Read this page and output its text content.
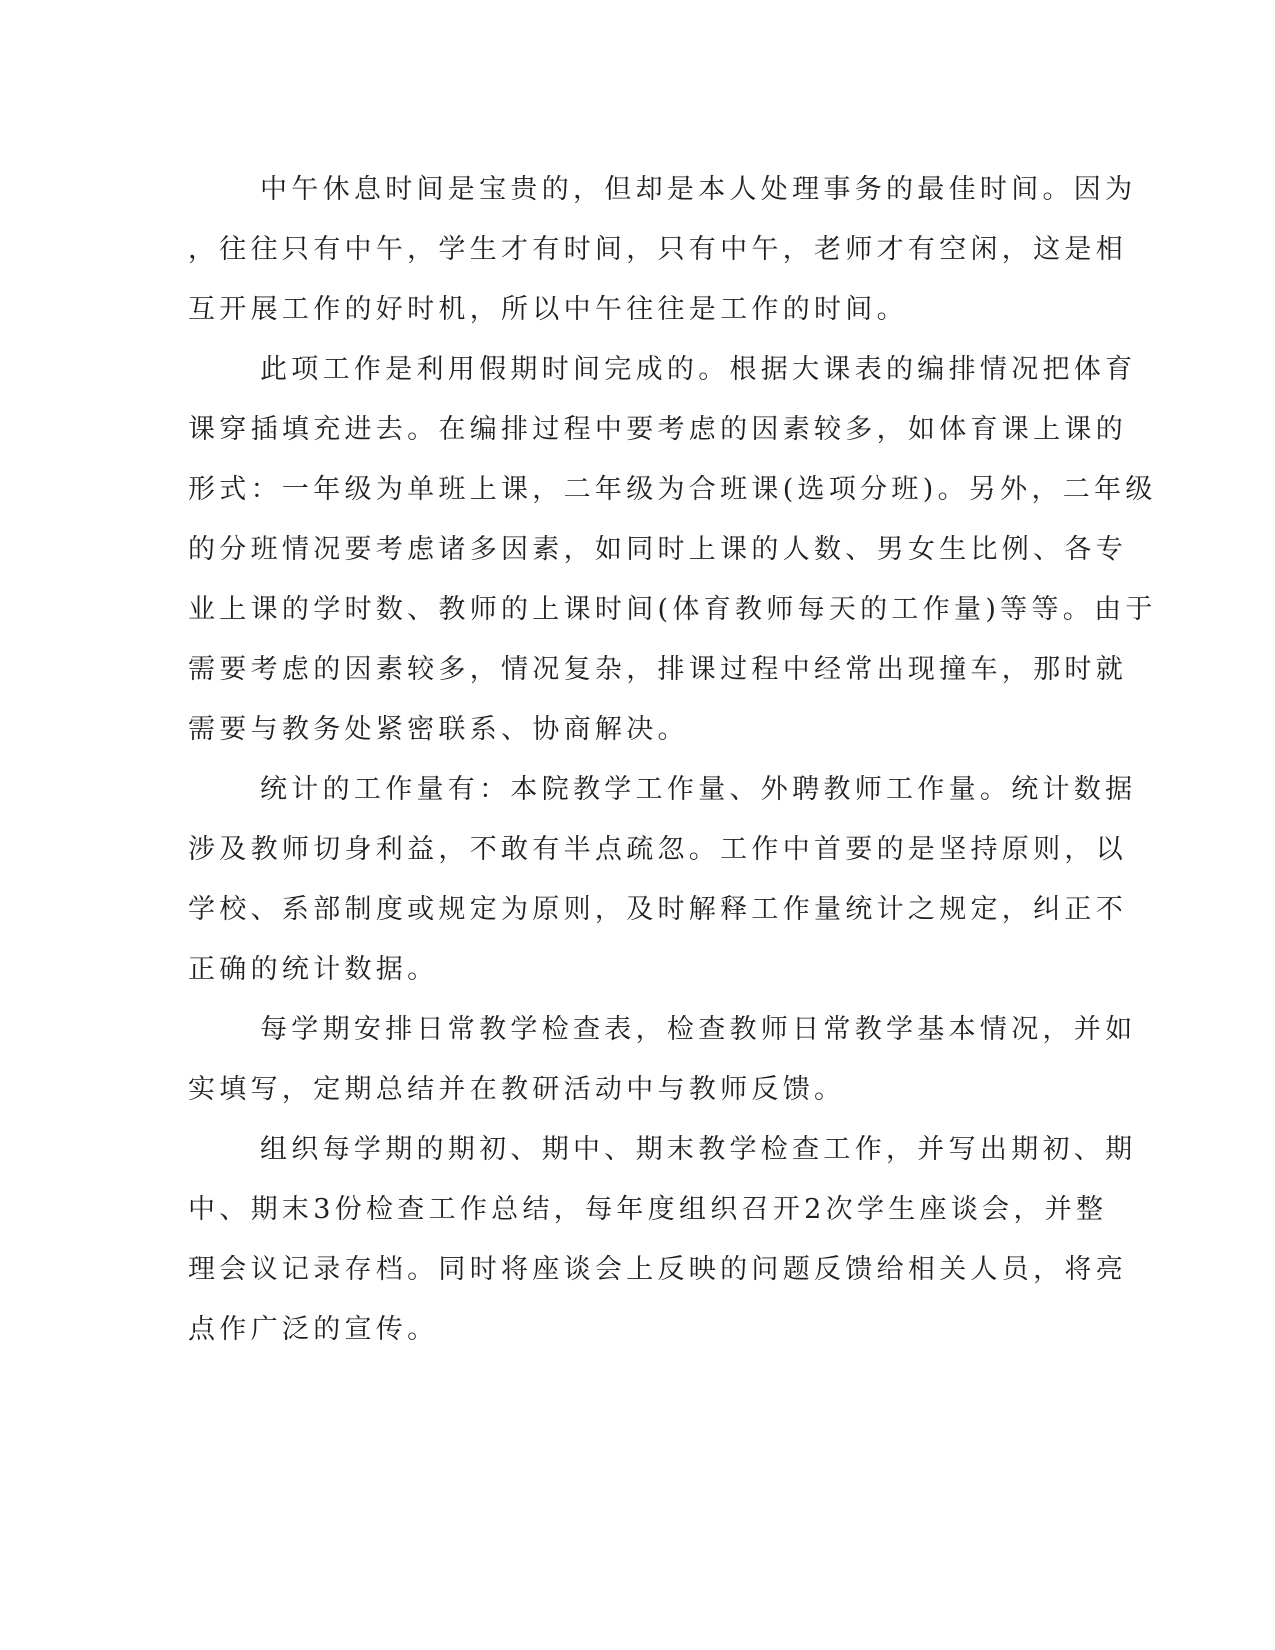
中午休息时间是宝贵的，但却是本人处理事务的最佳时间。因为
，往往只有中午，学生才有时间，只有中午，老师才有空闲，这是相
互开展工作的好时机，所以中午往往是工作的时间。
此项工作是利用假期时间完成的。根据大课表的编排情况把体育
课穿插填充进去。在编排过程中要考虑的因素较多，如体育课上课的
形式：一年级为单班上课，二年级为合班课(选项分班)。另外，二年级
的分班情况要考虑诸多因素，如同时上课的人数、男女生比例、各专
业上课的学时数、教师的上课时间(体育教师每天的工作量)等等。由于
需要考虑的因素较多，情况复杂，排课过程中经常出现撞车，那时就
需要与教务处紧密联系、协商解决。
统计的工作量有：本院教学工作量、外聘教师工作量。统计数据
涉及教师切身利益，不敢有半点疏忽。工作中首要的是坚持原则，以
学校、系部制度或规定为原则，及时解释工作量统计之规定，纠正不
正确的统计数据。
每学期安排日常教学检查表，检查教师日常教学基本情况，并如
实填写，定期总结并在教研活动中与教师反馈。
组织每学期的期初、期中、期末教学检查工作，并写出期初、期
中、期末3份检查工作总结，每年度组织召开2次学生座谈会，并整
理会议记录存档。同时将座谈会上反映的问题反馈给相关人员，将亮
点作广泛的宣传。
